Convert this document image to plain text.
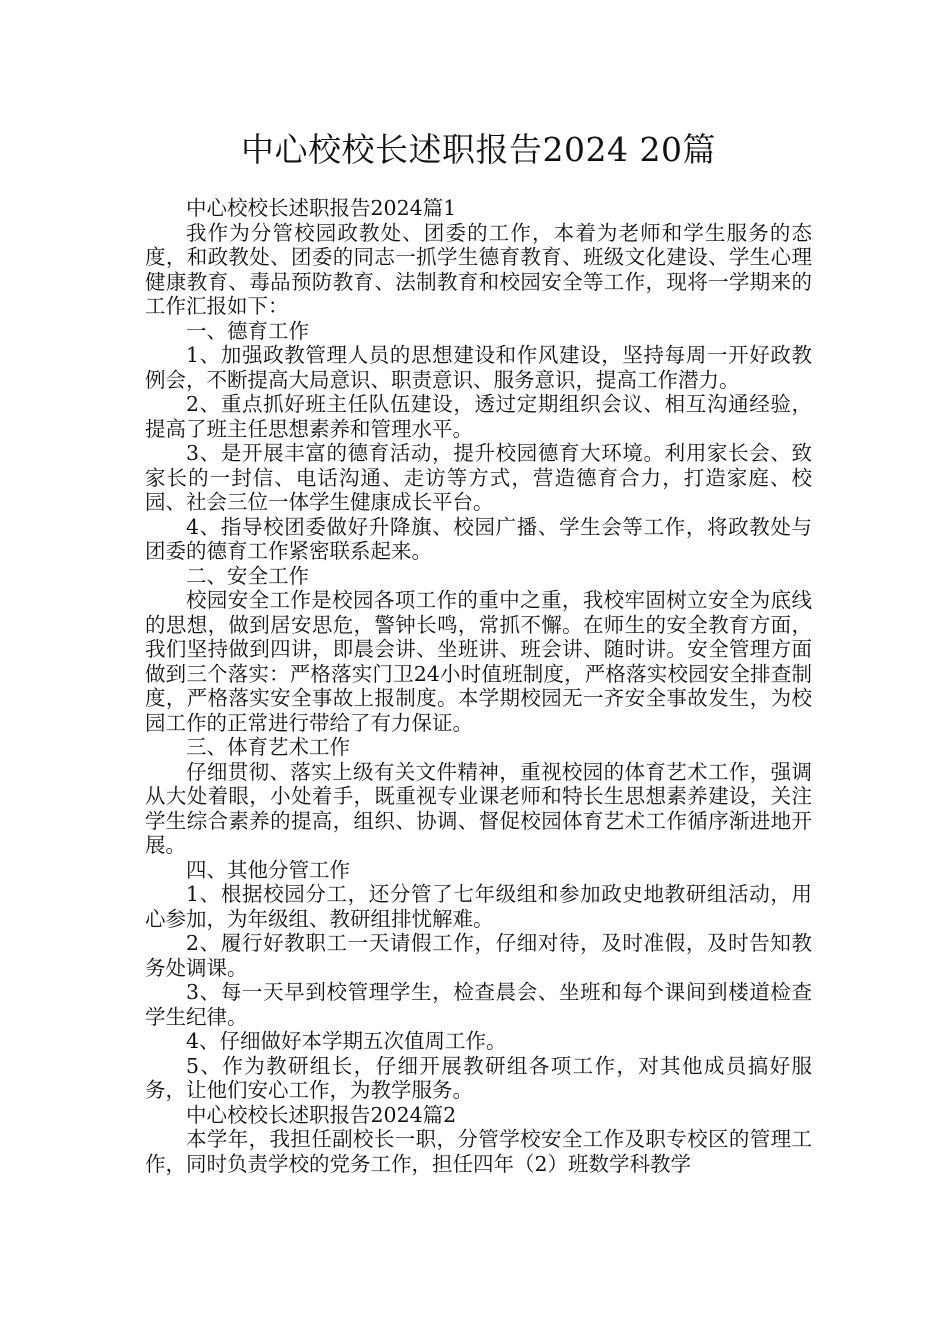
中心校校长述职报告2024 20篇

中心校校长述职报告2024篇1

我作为分管校园政教处、团委的工作，本着为老师和学生服务的态度，和政教处、团委的同志一抓学生德育教育、班级文化建设、学生心理健康教育、毒品预防教育、法制教育和校园安全等工作，现将一学期来的工作汇报如下：

一、德育工作

1、加强政教管理人员的思想建设和作风建设，坚持每周一开好政教例会，不断提高大局意识、职责意识、服务意识，提高工作潜力。

2、重点抓好班主任队伍建设，透过定期组织会议、相互沟通经验，提高了班主任思想素养和管理水平。

3、是开展丰富的德育活动，提升校园德育大环境。利用家长会、致家长的一封信、电话沟通、走访等方式，营造德育合力，打造家庭、校园、社会三位一体学生健康成长平台。

4、指导校团委做好升降旗、校园广播、学生会等工作，将政教处与团委的德育工作紧密联系起来。

二、安全工作

校园安全工作是校园各项工作的重中之重，我校牢固树立安全为底线的思想，做到居安思危，警钟长鸣，常抓不懈。在师生的安全教育方面，我们坚持做到四讲，即晨会讲、坐班讲、班会讲、随时讲。安全管理方面做到三个落实：严格落实门卫24小时值班制度，严格落实校园安全排查制度，严格落实安全事故上报制度。本学期校园无一齐安全事故发生，为校园工作的正常进行带给了有力保证。

三、体育艺术工作

仔细贯彻、落实上级有关文件精神，重视校园的体育艺术工作，强调从大处着眼，小处着手，既重视专业课老师和特长生思想素养建设，关注学生综合素养的提高，组织、协调、督促校园体育艺术工作循序渐进地开展。

四、其他分管工作

1、根据校园分工，还分管了七年级组和参加政史地教研组活动，用心参加，为年级组、教研组排忧解难。

2、履行好教职工一天请假工作，仔细对待，及时准假，及时告知教务处调课。

3、每一天早到校管理学生，检查晨会、坐班和每个课间到楼道检查学生纪律。

4、仔细做好本学期五次值周工作。

5、作为教研组长，仔细开展教研组各项工作，对其他成员搞好服务，让他们安心工作，为教学服务。

中心校校长述职报告2024篇2

本学年，我担任副校长一职，分管学校安全工作及职专校区的管理工作，同时负责学校的党务工作，担任四年（2）班数学科教学
